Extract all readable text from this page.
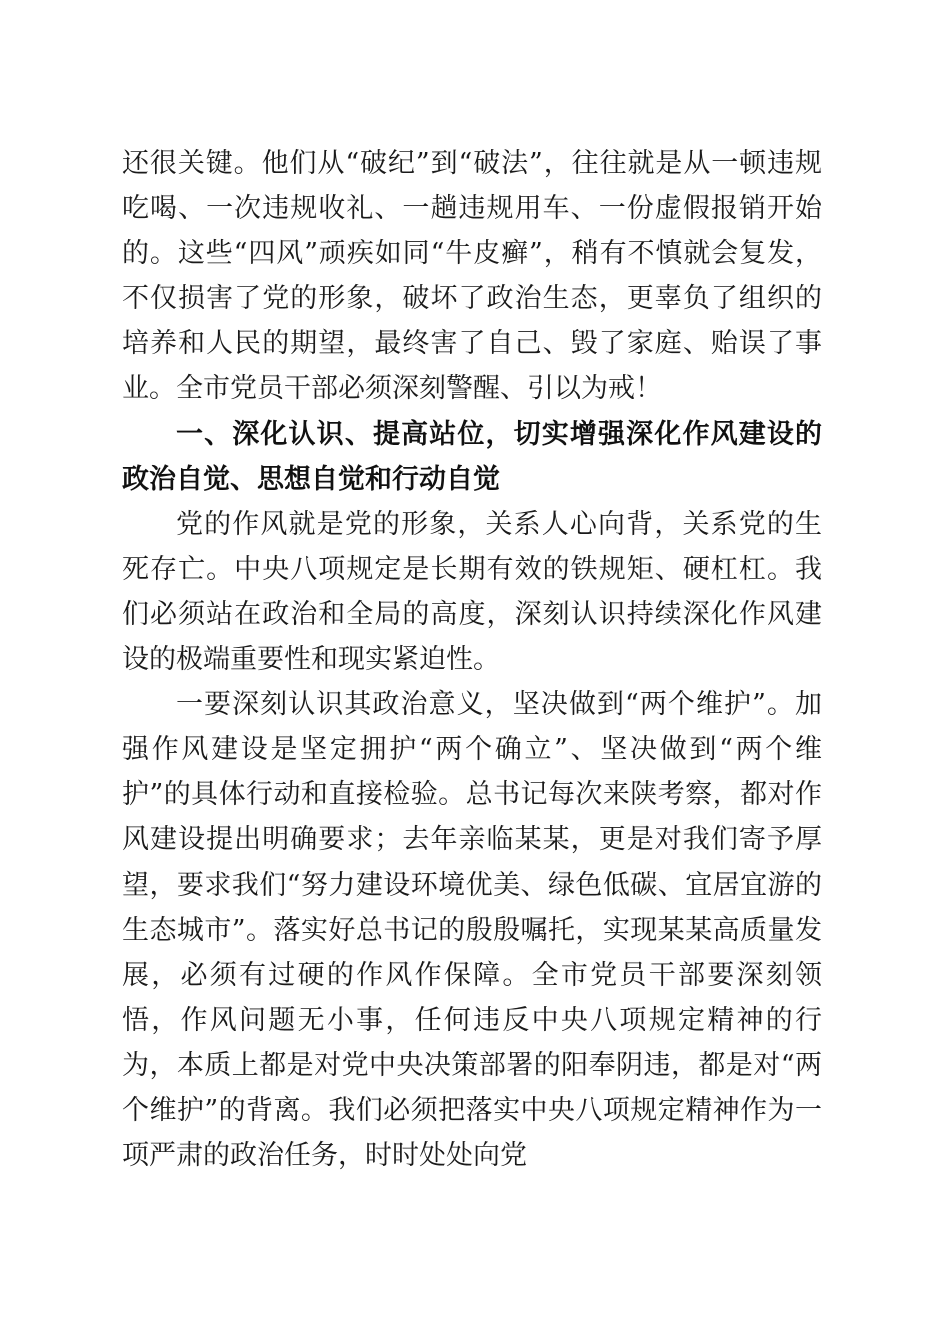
还很关键。他们从“破纪”到“破法”，往往就是从一顿违规吃喝、一次违规收礼、一趟违规用车、一份虚假报销开始的。这些“四风”顽疾如同“牛皮癣”，稍有不慎就会复发，不仅损害了党的形象，破坏了政治生态，更辜负了组织的培养和人民的期望，最终害了自己、毁了家庭、贻误了事业。全市党员干部必须深刻警醒、引以为戒！

一、深化认识、提高站位，切实增强深化作风建设的政治自觉、思想自觉和行动自觉

党的作风就是党的形象，关系人心向背，关系党的生死存亡。中央八项规定是长期有效的铁规矩、硬杠杠。我们必须站在政治和全局的高度，深刻认识持续深化作风建设的极端重要性和现实紧迫性。

一要深刻认识其政治意义，坚决做到“两个维护”。加强作风建设是坚定拥护“两个确立”、坚决做到“两个维护”的具体行动和直接检验。总书记每次来陕考察，都对作风建设提出明确要求；去年亲临某某，更是对我们寄予厚望，要求我们“努力建设环境优美、绿色低碳、宜居宜游的生态城市”。落实好总书记的殷殷嘱托，实现某某高质量发展，必须有过硬的作风作保障。全市党员干部要深刻领悟，作风问题无小事，任何违反中央八项规定精神的行为，本质上都是对党中央决策部署的阳奉阴违，都是对“两个维护”的背离。我们必须把落实中央八项规定精神作为一项严肃的政治任务，时时处处向党
